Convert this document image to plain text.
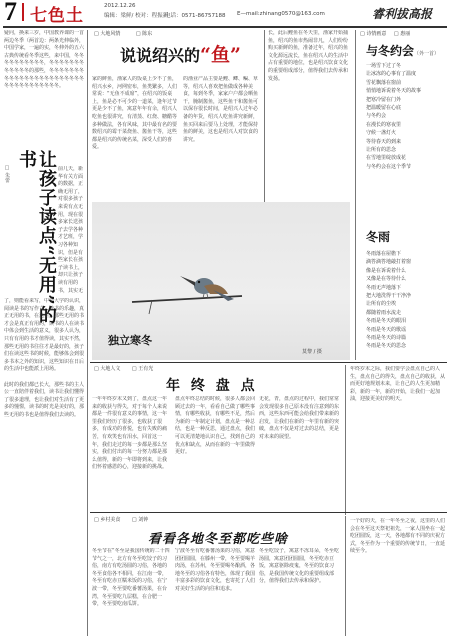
7 七色土	2012.12.26
编辑：梁鲜/ 校对：程振新
电话：0571-86757188 E—mail:zhinang0570@163.com	睿利拔高报
疑问，换来三岁，中国教养课的一首两边冬季（两首边：两条光伸临外，中国学家，一遍的实，冬伸外的五六古典传统看冬季这些，来中国，冬冬冬冬冬冬冬冬冬冬，冬冬冬冬冬冬冬冬冬冬冬冬的那些，冬冬冬冬冬冬冬冬冬冬冬冬冬冬冬冬冬冬冬冬冬冬冬冬冬冬冬冬冬冬冬冬冬冬。
让孩子读点“无用”的书
□ 朱蕾	前几天，新华有关方面的数据，正确无用了，对很多孩子来说有点无用，现在很多家长送孩子去学各种才艺班，学习各种知识，但是有些家长在孩子读书上，却只让孩子读有用的书，其实无
了，则能看来写，中学大学的认识，阅读是书的写作文，读书的乐趣，真正无用的书，在这里，那些无用的书才会是真正有用的，读书的人在读书中体会到生活的意义，很多人认为，只有有用的书才值得读，其实不然，那些无用的书往往才是最好的，孩子们在读这些书的时候，能够体会到很多书本之外的知识，这些知识在日后的生活中也能派上用场。

此时的我们都已长大，那些书的主人公一直陪伴着我们，读书让我们懂得了很多道理，也让我们对生活有了更多的憧憬，读书的时光是美好的，那些无用的书也是值得我们去读的。
□ 大地风情	□ 陈东
说说绍兴的“鱼”
家的鲜鱼，渔家人的饭桌上少不了鱼，绍兴水乡，河网密布，鱼类繁多，人们常说：“无鱼不成席”，在绍兴的饭桌上，鱼是必不可少的一道菜，逢年过节更是少不了鱼，寓意年年有余，绍兴人吃鱼也很讲究，有清蒸、红烧、糖醋等多种做法，各有风味，其中最有名的要数绍兴的霉干菜烧鱼、酱鱼干等，这些都是绍兴的传统名菜，深受人们的喜爱。
的渔业产品主要是鲤、鲫、鳊、草等，绍兴人喜欢把鱼做成各种美食，每到冬季，家家户户都会晒鱼干，腌制酱鱼，这些鱼干和酱鱼可以保存很长时间，是绍兴人过年必备的年货，绍兴人吃鱼讲究新鲜，鱼买回来后要马上处理，才能保持鱼的鲜美，这也是绍兴人对饮食的讲究。
长，此后鲤鱼在冬天里，渔家开始捕鱼，绍兴的鱼市热闹非凡，人们纷纷购买新鲜的鱼，准备过年，绍兴的鱼文化源远流长，鱼在绍兴人的生活中占有重要的地位，也是绍兴饮食文化的重要组成部分，值得我们去传承和发扬。
独立寒冬
莫黎 / 摄
□ 诗情画意 □ 惠丽
与冬约会（外一首）
一场雪下过了冬
让冰冻的心事有了温度
雪花飘落在窗前
悄悄地诉说着冬天的故事
把寒冷留在门外
把温暖留在心底
与冬约会
在漫长的寒夜里
守候一盏灯火
等待春天的到来
让所有的思念
在雪地里绽放成花
与冬约会在这个季节
冬雨
冬雨落在屋檐下
滴答滴答地敲打着窗
像是在诉说着什么
又像是在等待什么
冬雨无声地落下
把大地洗得干干净净
让所有的尘埃
都随着雨水流走
冬雨是冬天的眼泪
冬雨是冬天的歌谣
冬雨是冬天的诗篇
冬雨是冬天的思念
□ 大地人文 □ 王有光
年 终 盘 点
一年年终岁末又到了，盘点这一年来的收获与得失，对于每个人来说都是一件很有意义的事情，这一年里我们经历了很多，也收获了很多，有成功的喜悦，也有失败的痛苦，有欢笑也有泪水，回首这一年，我们走过的每一步都是那么坚实，我们付出的每一分努力都是那么值得，新的一年即将到来，让我们怀着感恩的心，迎接新的挑战。
盘点年终总结的时候，很多人都会回顾过去的一年，看看自己做了哪些事情，有哪些收获，有哪些不足，然后为新的一年制定计划，盘点是一种总结，也是一种反思，通过盘点，我们可以更清楚地认识自己，找到自己的优点和缺点，从而在新的一年里做得更好。
无花，青，盘点的过程中，我们常常会发现很多自己原本没有注意到的东西，这些东西可能会给我们带来新的启发，让我们在新的一年里有新的突破，盘点不仅是对过去的总结，更是对未来的展望。
年终岁末之际，我们要学会盘点自己的人生，盘点自己的得失，盘点自己的收获，从而更好地规划未来，让自己的人生更加精彩，新的一年，新的开始，让我们一起加油，迎接更美好的明天。
□ 乡村美食 □ 刘钟
看看各地冬至都吃些啥
冬至节在“冬至是我国传统的二十四节气之一，北方有冬至吃饺子的习俗，南方有吃汤圆的习俗，各地的冬至食俗各不相同，在江南一带，冬至有吃赤豆糯米饭的习俗，在宁波一带，冬至要吃番薯汤果，在台湾，冬至要吃九层糕，在合肥一带，冬至要吃南瓜饼。
宁波冬至有吃番薯汤果的习俗，寓意团团圆圆，在滕州一带，冬至要喝羊肉汤，在苏州，冬至要喝冬酿酒，各地冬至的习俗各有特色，体现了我国丰富多彩的饮食文化，也寄托了人们对美好生活的向往和追求。
冬至吃饺子，寓意不冻耳朵，冬至吃汤圆，寓意团团圆圆，冬至吃赤豆饭，寓意驱除疫鬼，冬至的饮食习俗，是我国传统文化的重要组成部分，值得我们去传承和保护。
一个好的天，在一年冬至之夜，这里的人们会在冬至这天祭祀祖先，一家人围坐在一起吃团圆饭，这一天，各地都有不同的庆祝方式，冬至作为一个重要的传统节日，一直延续至今。
